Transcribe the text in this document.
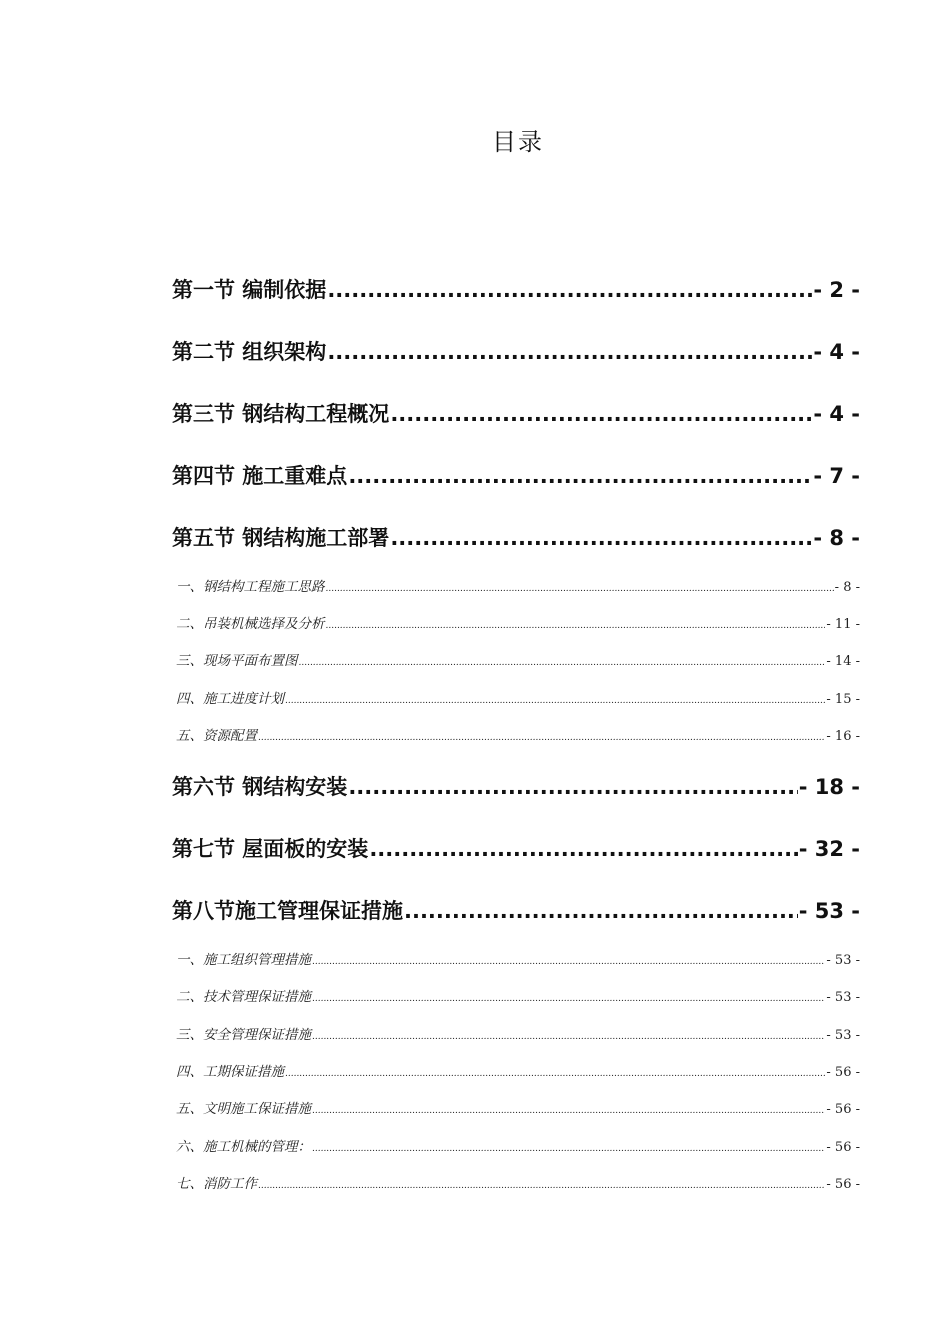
目录
第一节 编制依据 .....	- 2 -
第二节 组织架构 .....	- 4 -
第三节 钢结构工程概况 .....	- 4 -
第四节 施工重难点 .....	- 7 -
第五节 钢结构施工部署 .....	- 8 -
一、钢结构工程施工思路 .....	- 8 -
二、吊装机械选择及分析 .....	- 11 -
三、现场平面布置图 .....	- 14 -
四、施工进度计划 .....	- 15 -
五、资源配置 .....	- 16 -
第六节 钢结构安装 .....	- 18 -
第七节 屋面板的安装 .....	- 32 -
第八节施工管理保证措施 .....	- 53 -
一、施工组织管理措施 .....	- 53 -
二、技术管理保证措施 .....	- 53 -
三、安全管理保证措施 .....	- 53 -
四、工期保证措施 .....	- 56 -
五、文明施工保证措施 .....	- 56 -
六、施工机械的管理： .....	- 56 -
七、消防工作 .....	- 56 -
